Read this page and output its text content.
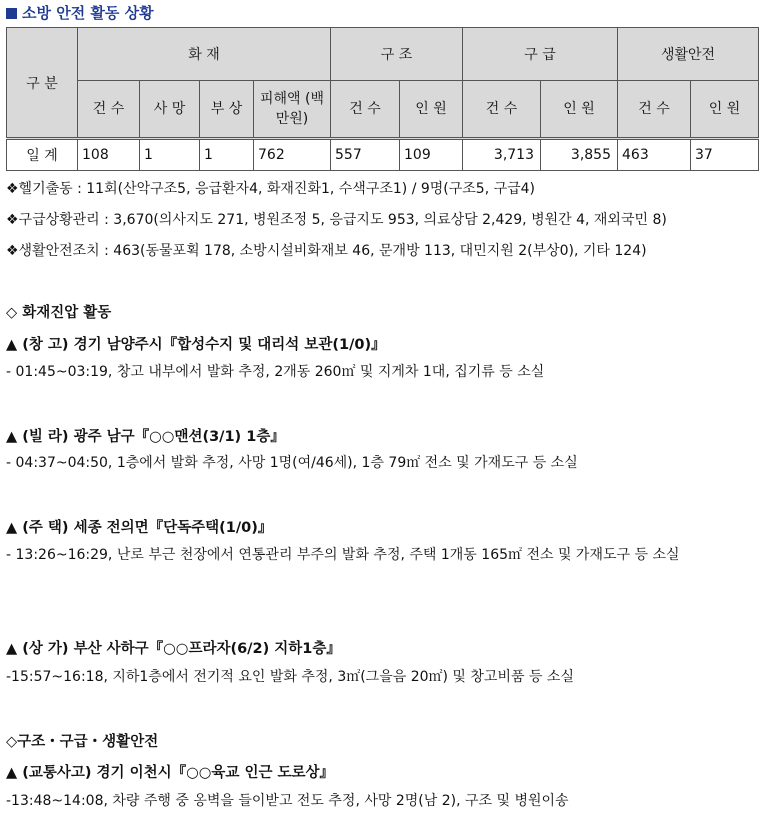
소방 안전 활동 상황
구 분	화 재				구 조		구 급		생활안전	
	건 수	사 망	부 상	피해액 (백만원)	건 수	인 원	건 수	인 원	건 수	인 원
일 계	108	1	1	762	557	109	3,713	3,855	463	37
❖헬기출동 : 11회(산악구조5, 응급환자4, 화재진화1, 수색구조1) / 9명(구조5, 구급4)
❖구급상황관리 : 3,670(의사지도 271, 병원조정 5, 응급지도 953, 의료상담 2,429, 병원간 4, 재외국민 8)
❖생활안전조치 : 463(동물포획 178, 소방시설비화재보 46, 문개방 113, 대민지원 2(부상0), 기타 124)
◇ 화재진압 활동
▲ (창 고) 경기 남양주시『합성수지 및 대리석 보관(1/0)』
- 01:45~03:19, 창고 내부에서 발화 추정, 2개동 260㎡ 및 지게차 1대, 집기류 등 소실
▲ (빌 라) 광주 남구『○○맨션(3/1) 1층』
- 04:37~04:50, 1층에서 발화 추정, 사망 1명(여/46세), 1층 79㎡ 전소 및 가재도구 등 소실
▲ (주 택) 세종 전의면『단독주택(1/0)』
- 13:26~16:29, 난로 부근 천장에서 연통관리 부주의 발화 추정, 주택 1개동 165㎡ 전소 및 가재도구 등 소실
▲ (상 가) 부산 사하구『○○프라자(6/2) 지하1층』
-15:57~16:18, 지하1층에서 전기적 요인 발화 추정, 3㎡(그을음 20㎡) 및 창고비품 등 소실
◇구조・구급・생활안전
▲ (교통사고) 경기 이천시『○○육교 인근 도로상』
-13:48~14:08, 차량 주행 중 옹벽을 들이받고 전도 추정, 사망 2명(남 2), 구조 및 병원이송
